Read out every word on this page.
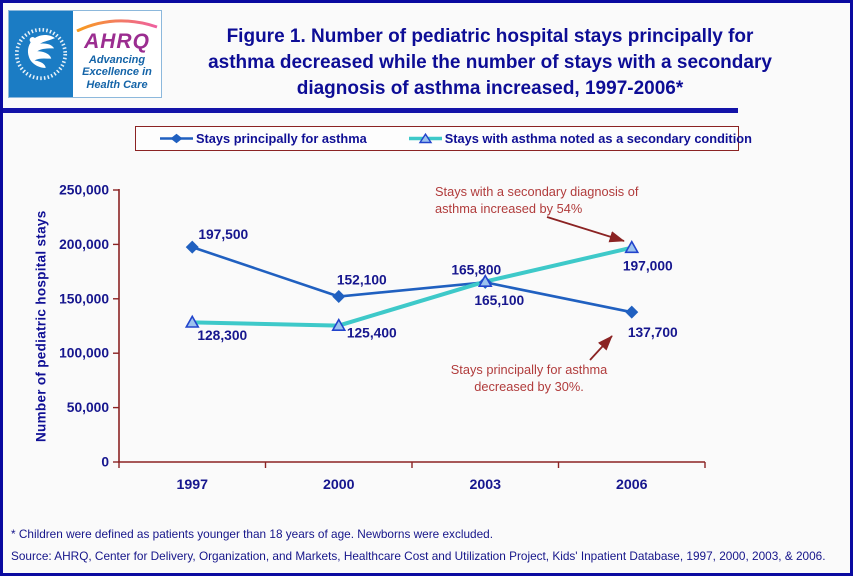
AHRQ
Advancing
Excellence in
Health Care
Figure 1. Number of pediatric hospital stays principally for
asthma decreased while the number of stays with a secondary
diagnosis of asthma increased, 1997-2006*
Stays principally for asthma	Stays with asthma noted as a secondary condition
0
50,000
100,000
150,000
200,000
250,000
1997	2000	2003	2006
197,500
152,100
165,100
137,700
128,300	125,400
165,800	197,000
Number of pediatric hospital stays
Stays with a secondary diagnosis of
asthma increased by 54%
Stays principally for asthma
decreased by 30%.
* Children were defined as patients younger than 18 years of age. Newborns were excluded.
Source: AHRQ, Center for Delivery, Organization, and Markets, Healthcare Cost and Utilization Project, Kids' Inpatient Database, 1997, 2000, 2003, & 2006.
